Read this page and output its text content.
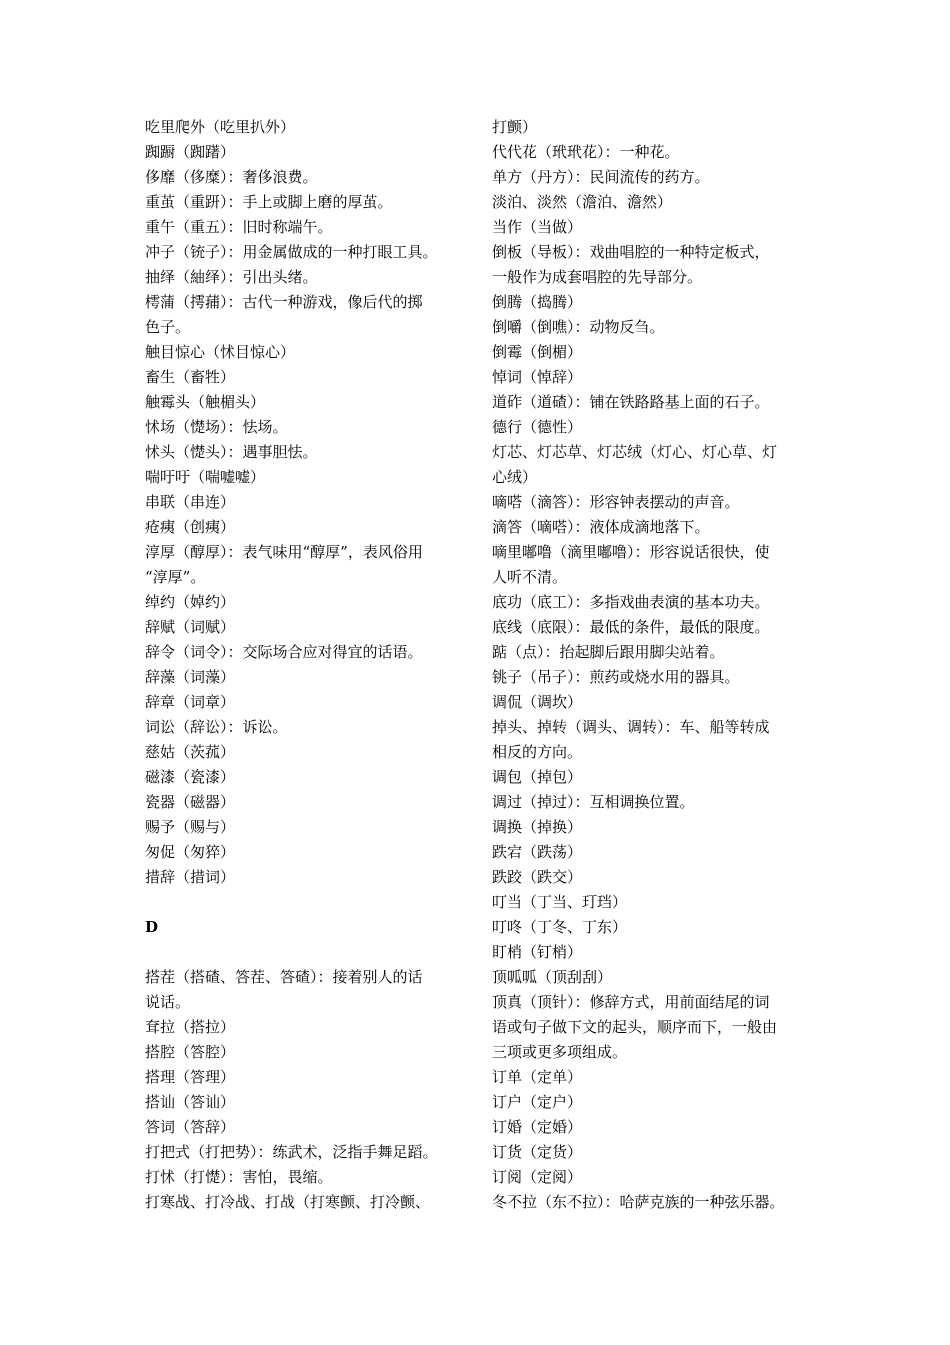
吃里爬外（吃里扒外）
踟蹰（踟躇）
侈靡（侈糜）：奢侈浪费。
重茧（重趼）：手上或脚上磨的厚茧。
重午（重五）：旧时称端午。
冲子（铳子）：用金属做成的一种打眼工具。
抽绎（紬绎）：引出头绪。
樗蒲（摴蒱）：古代一种游戏，像后代的掷
色子。
触目惊心（怵目惊心）
畜生（畜牲）
触霉头（触楣头）
怵场（憷场）：怯场。
怵头（憷头）：遇事胆怯。
喘吁吁（喘嘘嘘）
串联（串连）
疮痍（创痍）
淳厚（醇厚）：表气味用“醇厚”，表风俗用
“淳厚”。
绰约（婥约）
辞赋（词赋）
辞令（词令）：交际场合应对得宜的话语。
辞藻（词藻）
辞章（词章）
词讼（辞讼）：诉讼。
慈姑（茨菰）
磁漆（瓷漆）
瓷器（磁器）
赐予（赐与）
匆促（匆猝）
措辞（措词）
D
搭茬（搭碴、答茬、答碴）：接着别人的话
说话。
耷拉（搭拉）
搭腔（答腔）
搭理（答理）
搭讪（答讪）
答词（答辞）
打把式（打把势）：练武术，泛指手舞足蹈。
打怵（打憷）：害怕，畏缩。
打寒战、打冷战、打战（打寒颤、打冷颤、
打颤）
代代花（玳玳花）：一种花。
单方（丹方）：民间流传的药方。
淡泊、淡然（澹泊、澹然）
当作（当做）
倒板（导板）：戏曲唱腔的一种特定板式，
一般作为成套唱腔的先导部分。
倒腾（捣腾）
倒嚼（倒噍）：动物反刍。
倒霉（倒楣）
悼词（悼辞）
道砟（道碴）：铺在铁路路基上面的石子。
德行（德性）
灯芯、灯芯草、灯芯绒（灯心、灯心草、灯
心绒）
嘀嗒（滴答）：形容钟表摆动的声音。
滴答（嘀嗒）：液体成滴地落下。
嘀里嘟噜（滴里嘟噜）：形容说话很快，使
人听不清。
底功（底工）：多指戏曲表演的基本功夫。
底线（底限）：最低的条件，最低的限度。
踮（点）：抬起脚后跟用脚尖站着。
铫子（吊子）：煎药或烧水用的器具。
调侃（调坎）
掉头、掉转（调头、调转）：车、船等转成
相反的方向。
调包（掉包）
调过（掉过）：互相调换位置。
调换（掉换）
跌宕（跌荡）
跌跤（跌交）
叮当（丁当、玎珰）
叮咚（丁冬、丁东）
盯梢（钉梢）
顶呱呱（顶刮刮）
顶真（顶针）：修辞方式，用前面结尾的词
语或句子做下文的起头，顺序而下，一般由
三项或更多项组成。
订单（定单）
订户（定户）
订婚（定婚）
订货（定货）
订阅（定阅）
冬不拉（东不拉）：哈萨克族的一种弦乐器。
